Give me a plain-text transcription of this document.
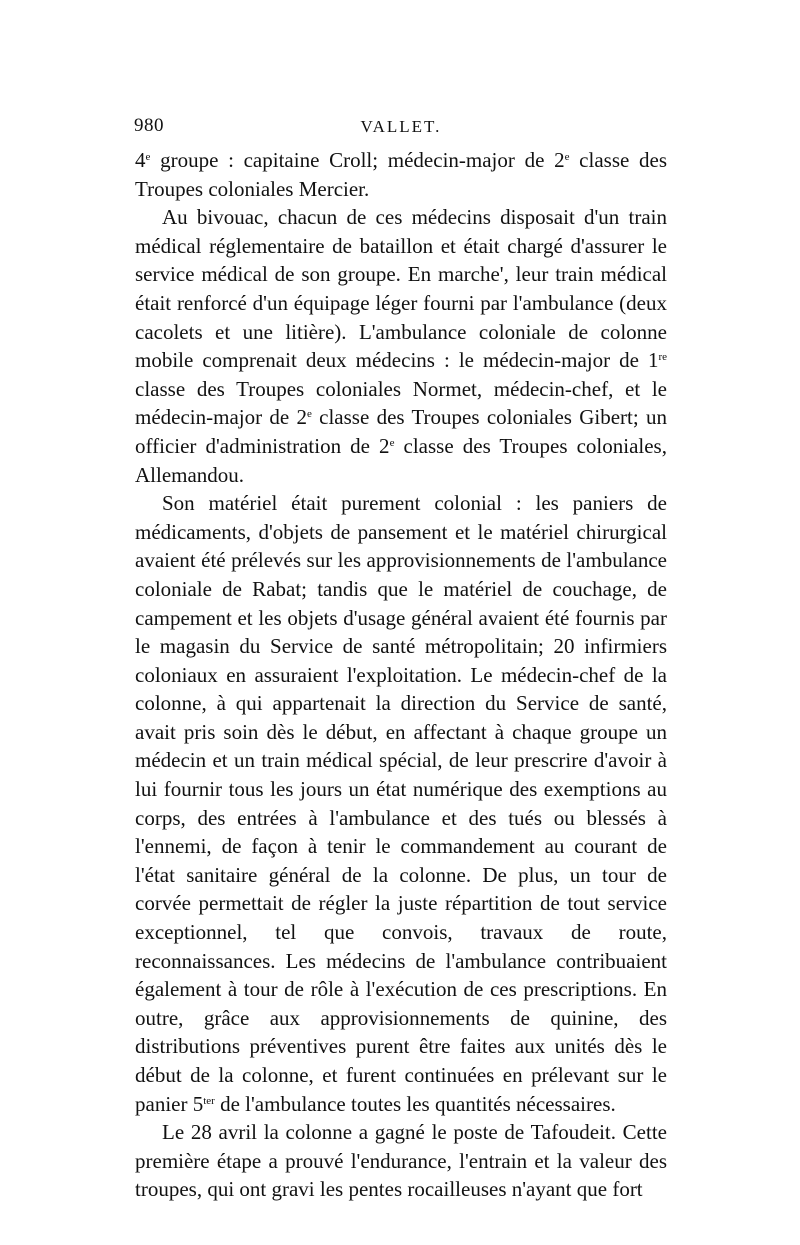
980	VALLET.

4e groupe : capitaine Croll; médecin-major de 2e classe des Troupes coloniales Mercier.

Au bivouac, chacun de ces médecins disposait d'un train médical réglementaire de bataillon et était chargé d'assurer le service médical de son groupe. En marche', leur train médical était renforcé d'un équipage léger fourni par l'ambulance (deux cacolets et une litière). L'ambulance coloniale de colonne mobile comprenait deux médecins : le médecin-major de 1re classe des Troupes coloniales Normet, médecin-chef, et le médecin-major de 2e classe des Troupes coloniales Gibert; un officier d'administration de 2e classe des Troupes coloniales, Allemandou.

Son matériel était purement colonial : les paniers de médicaments, d'objets de pansement et le matériel chirurgical avaient été prélevés sur les approvisionnements de l'ambulance coloniale de Rabat; tandis que le matériel de couchage, de campement et les objets d'usage général avaient été fournis par le magasin du Service de santé métropolitain; 20 infirmiers coloniaux en assuraient l'exploitation. Le médecin-chef de la colonne, à qui appartenait la direction du Service de santé, avait pris soin dès le début, en affectant à chaque groupe un médecin et un train médical spécial, de leur prescrire d'avoir à lui fournir tous les jours un état numérique des exemptions au corps, des entrées à l'ambulance et des tués ou blessés à l'ennemi, de façon à tenir le commandement au courant de l'état sanitaire général de la colonne. De plus, un tour de corvée permettait de régler la juste répartition de tout service exceptionnel, tel que convois, travaux de route, reconnaissances. Les médecins de l'ambulance contribuaient également à tour de rôle à l'exécution de ces prescriptions. En outre, grâce aux approvisionnements de quinine, des distributions préventives purent être faites aux unités dès le début de la colonne, et furent continuées en prélevant sur le panier $5^{ter}$ de l'ambulance toutes les quantités nécessaires.

Le 28 avril la colonne a gagné le poste de Tafoudeit. Cette première étape a prouvé l'endurance, l'entrain et la valeur des troupes, qui ont gravi les pentes rocailleuses n'ayant que fort
